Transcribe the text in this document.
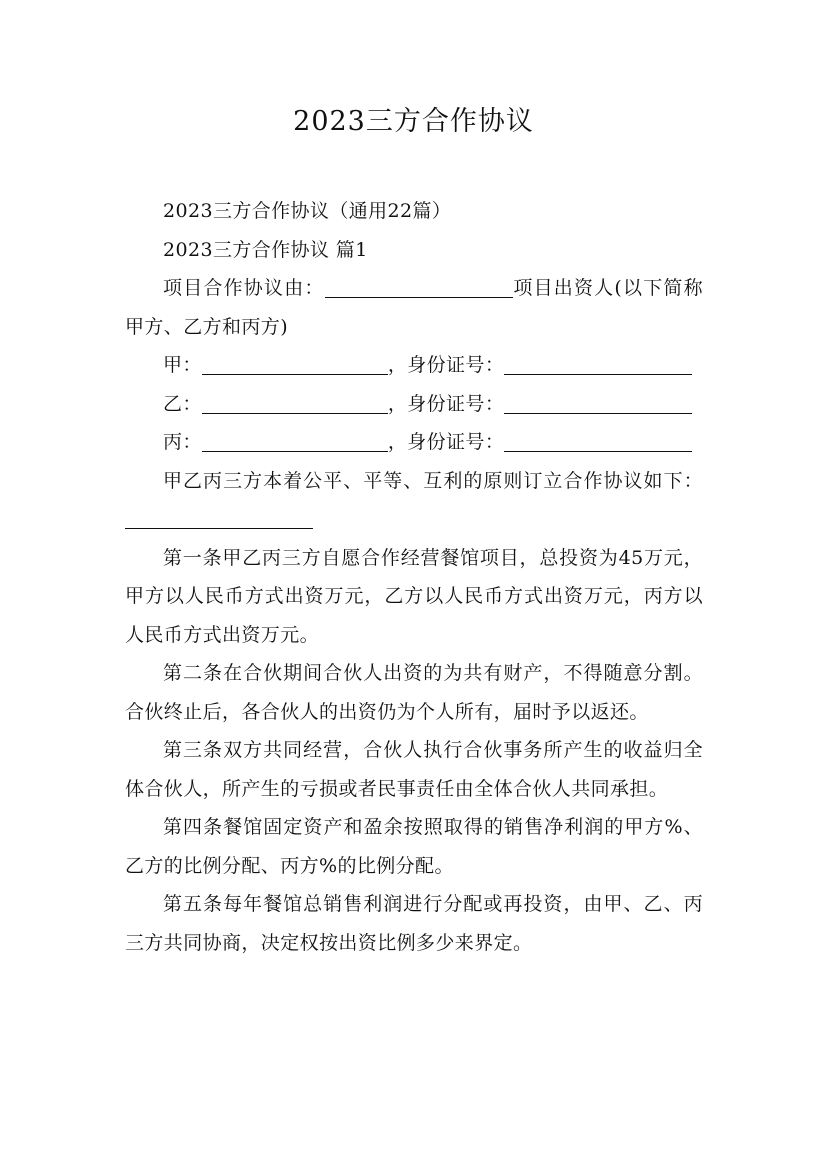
2023三方合作协议

2023三方合作协议（通用22篇）

2023三方合作协议 篇1

项目合作协议由：	项目出资人(以下简称甲方、乙方和丙方)

甲：	，身份证号：
乙：	，身份证号：
丙：	，身份证号：

甲乙丙三方本着公平、平等、互利的原则订立合作协议如下：

第一条甲乙丙三方自愿合作经营餐馆项目，总投资为45万元，甲方以人民币方式出资万元，乙方以人民币方式出资万元，丙方以人民币方式出资万元。

第二条在合伙期间合伙人出资的为共有财产，不得随意分割。合伙终止后，各合伙人的出资仍为个人所有，届时予以返还。

第三条双方共同经营，合伙人执行合伙事务所产生的收益归全体合伙人，所产生的亏损或者民事责任由全体合伙人共同承担。

第四条餐馆固定资产和盈余按照取得的销售净利润的甲方%、乙方的比例分配、丙方%的比例分配。

第五条每年餐馆总销售利润进行分配或再投资，由甲、乙、丙三方共同协商，决定权按出资比例多少来界定。
